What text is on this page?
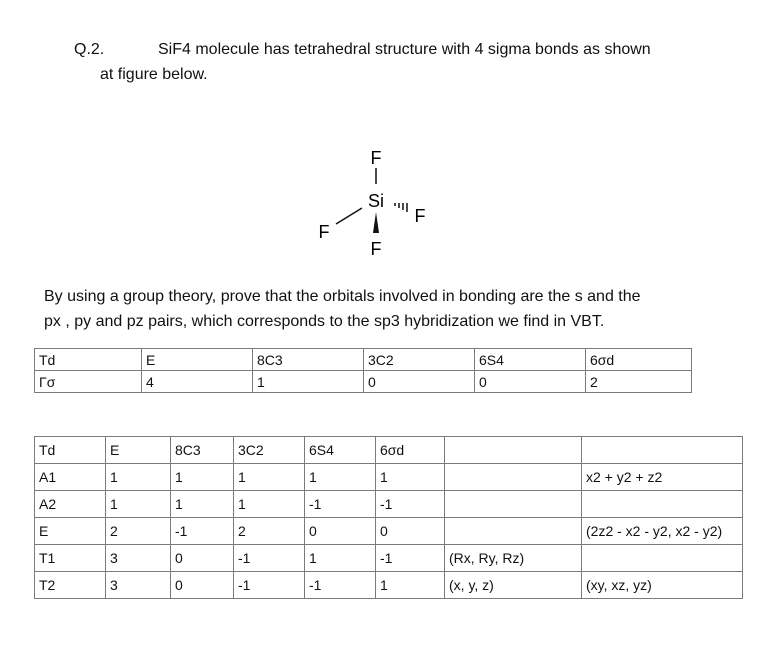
Q.2.	SiF4 molecule has tetrahedral structure with 4 sigma bonds as shown
at figure below.
F
Si
F
F
F
By using a group theory, prove that the orbitals involved in bonding are the s and the
px , py and pz pairs, which corresponds to the sp3 hybridization we find in VBT.
Td	E	8C3	3C2	6S4	6σd
Γσ	4	1	0	0	2
Td	E	8C3	3C2	6S4	6σd		
A1	1	1	1	1	1		x2 + y2 + z2
A2	1	1	1	-1	-1		
E	2	-1	2	0	0		(2z2 - x2 - y2, x2 - y2)
T1	3	0	-1	1	-1	(Rx, Ry, Rz)	
T2	3	0	-1	-1	1	(x, y, z)	(xy, xz, yz)
